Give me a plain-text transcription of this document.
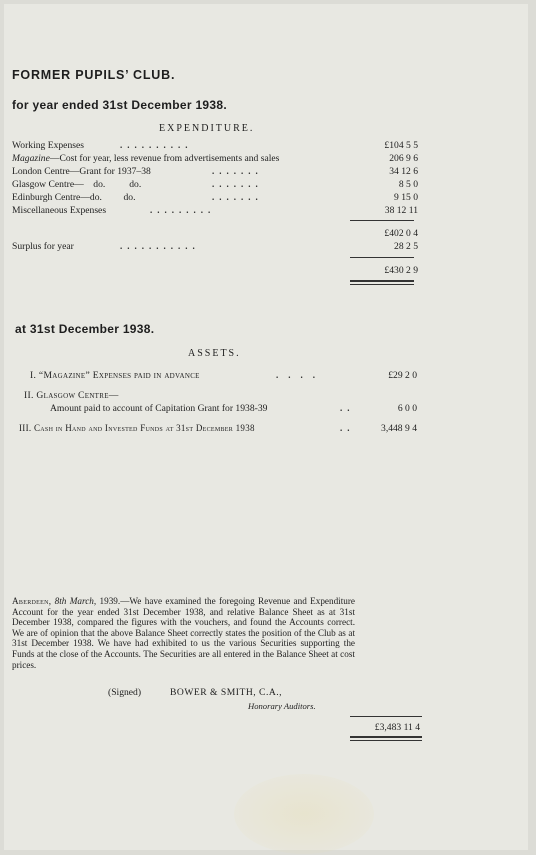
FORMER PUPILS’ CLUB.
for year ended 31st December 1938.
EXPENDITURE.
Working Expenses	..........	£104 5 5
Magazine—Cost for year, less revenue from advertisements and sales	206 9 6
London Centre—Grant for 1937–38	.......	34 12 6
Glasgow Centre—    do.          do.	.......	8 5 0
Edinburgh Centre—do.         do.	.......	9 15 0
Miscellaneous Expenses	.........	38 12 11
£402 0 4
Surplus for year	...........	28 2 5
£430 2 9
at 31st December 1938.
ASSETS.
I. “Magazine” Expenses paid in advance	....	£29 2 0
II. Glasgow Centre—
Amount paid to account of Capitation Grant for 1938-39	..	6 0 0
III. Cash in Hand and Invested Funds at 31st December 1938	..	3,448 9 4
Aberdeen, 8th March, 1939.—We have examined the foregoing Revenue and Expenditure Account for the year ended 31st December 1938, and relative Balance Sheet as at 31st December 1938, compared the figures with the vouchers, and found the Accounts correct. We are of opinion that the above Balance Sheet correctly states the position of the Club as at 31st December 1938. We have had exhibited to us the various Securities supporting the Funds at the close of the Accounts. The Securities are all entered in the Balance Sheet at cost prices.
(Signed)	BOWER & SMITH, C.A.,
Honorary Auditors.
£3,483 11 4
